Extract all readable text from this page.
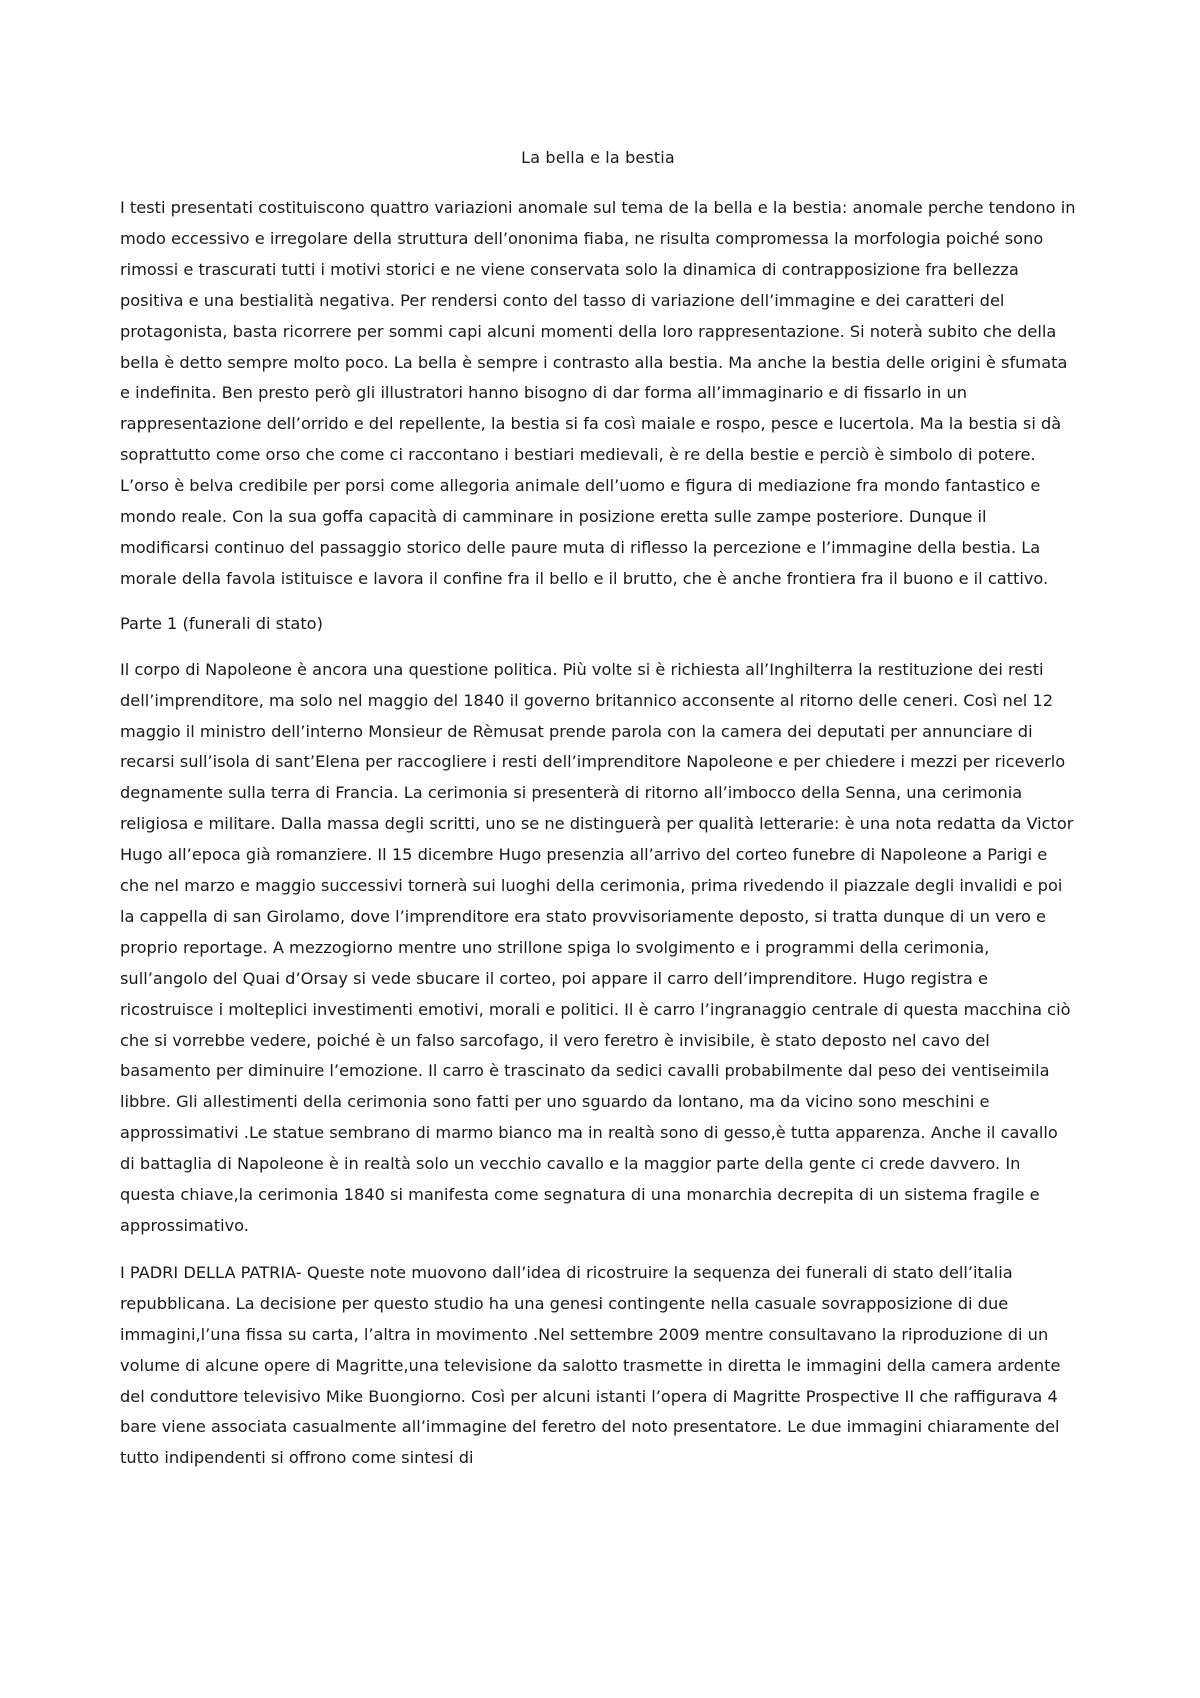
La bella e la bestia

I testi presentati costituiscono quattro variazioni anomale sul tema de la bella e la bestia: anomale perche tendono in modo eccessivo e irregolare della struttura dell’ononima fiaba, ne risulta compromessa la morfologia poiché sono rimossi e trascurati tutti i motivi storici e ne viene conservata solo la dinamica di contrapposizione fra bellezza positiva e una bestialità negativa. Per rendersi conto del tasso di variazione dell’immagine e dei caratteri del protagonista, basta ricorrere per sommi capi alcuni momenti della loro rappresentazione. Si noterà subito che della bella è detto sempre molto poco. La bella è sempre i contrasto alla bestia. Ma anche la bestia delle origini è sfumata e indefinita. Ben presto però gli illustratori hanno bisogno di dar forma all’immaginario e di fissarlo in un rappresentazione dell’orrido e del repellente, la bestia si fa così maiale e rospo, pesce e lucertola. Ma la bestia si dà soprattutto come orso che come ci raccontano i bestiari medievali, è re della bestie e perciò è simbolo di potere. L’orso è belva credibile per porsi come allegoria animale dell’uomo e figura di mediazione fra mondo fantastico e mondo reale. Con la sua goffa capacità di camminare in posizione eretta sulle zampe posteriore. Dunque il modificarsi continuo del passaggio storico delle paure muta di riflesso la percezione e l’immagine della bestia. La morale della favola istituisce e lavora il confine fra il bello e il brutto, che è anche frontiera fra il buono e il cattivo.

Parte 1 (funerali di stato)

Il corpo di Napoleone è ancora una questione politica. Più volte si è richiesta all’Inghilterra la restituzione dei resti dell’imprenditore, ma solo nel maggio del 1840 il governo britannico acconsente al ritorno delle ceneri. Così nel 12 maggio il ministro dell’interno Monsieur de Rèmusat prende parola con la camera dei deputati per annunciare di recarsi sull’isola di sant’Elena per raccogliere i resti dell’imprenditore Napoleone e per chiedere i mezzi per riceverlo degnamente sulla terra di Francia. La cerimonia si presenterà di ritorno all’imbocco della Senna, una cerimonia religiosa e militare. Dalla massa degli scritti, uno se ne distinguerà per qualità letterarie: è una nota redatta da Victor Hugo all’epoca già romanziere. Il 15 dicembre Hugo presenzia all’arrivo del corteo funebre di Napoleone a Parigi e che nel marzo e maggio successivi tornerà sui luoghi della cerimonia, prima rivedendo il piazzale degli invalidi e poi la cappella di san Girolamo, dove l’imprenditore era stato provvisoriamente deposto, si tratta dunque di un vero e proprio reportage. A mezzogiorno mentre uno strillone spiga lo svolgimento e i programmi della cerimonia, sull’angolo del Quai d’Orsay si vede sbucare il corteo, poi appare il carro dell’imprenditore. Hugo registra e ricostruisce i molteplici investimenti emotivi, morali e politici. Il è carro l’ingranaggio centrale di questa macchina ciò che si vorrebbe vedere, poiché è un falso sarcofago, il vero feretro è invisibile, è stato deposto nel cavo del basamento per diminuire l’emozione. Il carro è trascinato da sedici cavalli probabilmente dal peso dei ventiseimila libbre. Gli allestimenti della cerimonia sono fatti per uno sguardo da lontano, ma da vicino sono meschini e approssimativi .Le statue sembrano di marmo bianco ma in realtà sono di gesso,è tutta apparenza. Anche il cavallo di battaglia di Napoleone è in realtà solo un vecchio cavallo e la maggior parte della gente ci crede davvero. In questa chiave,la cerimonia 1840 si manifesta come segnatura di una monarchia decrepita di un sistema fragile e approssimativo.

I PADRI DELLA PATRIA- Queste note muovono dall’idea di ricostruire la sequenza dei funerali di stato dell’italia repubblicana. La decisione per questo studio ha una genesi contingente nella casuale sovrapposizione di due immagini,l’una fissa su carta, l’altra in movimento .Nel settembre 2009 mentre consultavano la riproduzione di un volume di alcune opere di Magritte,una televisione da salotto trasmette in diretta le immagini della camera ardente del conduttore televisivo Mike Buongiorno. Così per alcuni istanti l’opera di Magritte Prospective II che raffigurava 4 bare viene associata casualmente all’immagine del feretro del noto presentatore. Le due immagini chiaramente del tutto indipendenti si offrono come sintesi di
